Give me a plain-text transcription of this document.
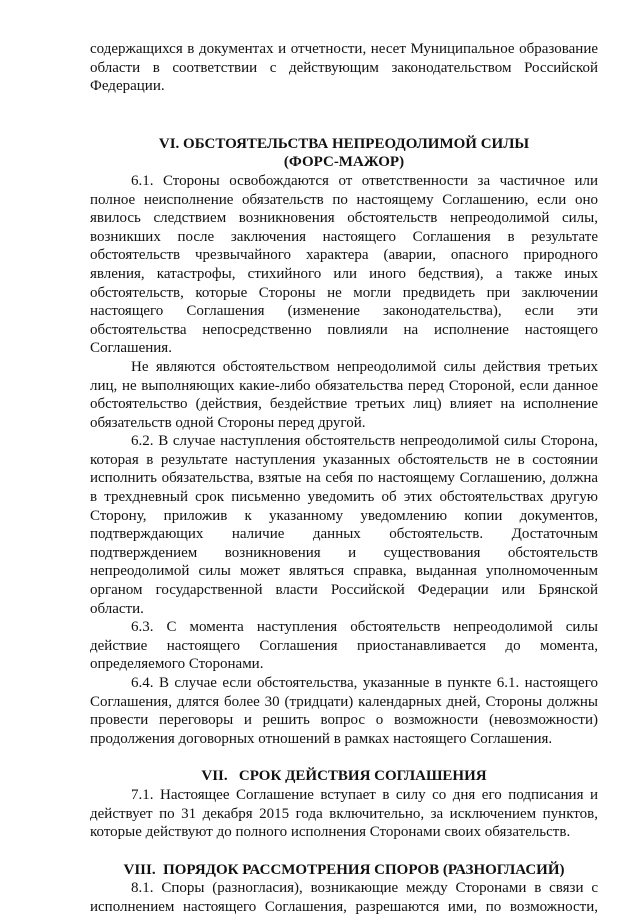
содержащихся в документах и отчетности, несет Муниципальное образование области в соответствии с действующим законодательством Российской Федерации.

VI. ОБСТОЯТЕЛЬСТВА НЕПРЕОДОЛИМОЙ СИЛЫ
(ФОРС-МАЖОР)

6.1. Стороны освобождаются от ответственности за частичное или полное неисполнение обязательств по настоящему Соглашению, если оно явилось следствием возникновения обстоятельств непреодолимой силы, возникших после заключения настоящего Соглашения в результате обстоятельств чрезвычайного характера (аварии, опасного природного явления, катастрофы, стихийного или иного бедствия), а также иных обстоятельств, которые Стороны не могли предвидеть при заключении настоящего Соглашения (изменение законодательства), если эти обстоятельства непосредственно повлияли на исполнение настоящего Соглашения.

Не являются обстоятельством непреодолимой силы действия третьих лиц, не выполняющих какие-либо обязательства перед Стороной, если данное обстоятельство (действия, бездействие третьих лиц) влияет на исполнение обязательств одной Стороны перед другой.

6.2. В случае наступления обстоятельств непреодолимой силы Сторона, которая в результате наступления указанных обстоятельств не в состоянии исполнить обязательства, взятые на себя по настоящему Соглашению, должна в трехдневный срок письменно уведомить об этих обстоятельствах другую Сторону, приложив к указанному уведомлению копии документов, подтверждающих наличие данных обстоятельств. Достаточным подтверждением возникновения и существования обстоятельств непреодолимой силы может являться справка, выданная уполномоченным органом государственной власти Российской Федерации или Брянской области.

6.3. С момента наступления обстоятельств непреодолимой силы действие настоящего Соглашения приостанавливается до момента, определяемого Сторонами.

6.4. В случае если обстоятельства, указанные в пункте 6.1. настоящего Соглашения, длятся более 30 (тридцати) календарных дней, Стороны должны провести переговоры и решить вопрос о возможности (невозможности) продолжения договорных отношений в рамках настоящего Соглашения.

VII.   СРОК ДЕЙСТВИЯ СОГЛАШЕНИЯ

7.1. Настоящее Соглашение вступает в силу со дня его подписания и действует по 31 декабря 2015 года включительно, за исключением пунктов, которые действуют до полного исполнения Сторонами своих обязательств.

VIII.  ПОРЯДОК РАССМОТРЕНИЯ СПОРОВ (РАЗНОГЛАСИЙ)

8.1. Споры (разногласия), возникающие между Сторонами в связи с исполнением настоящего Соглашения, разрешаются ими, по возможности,
